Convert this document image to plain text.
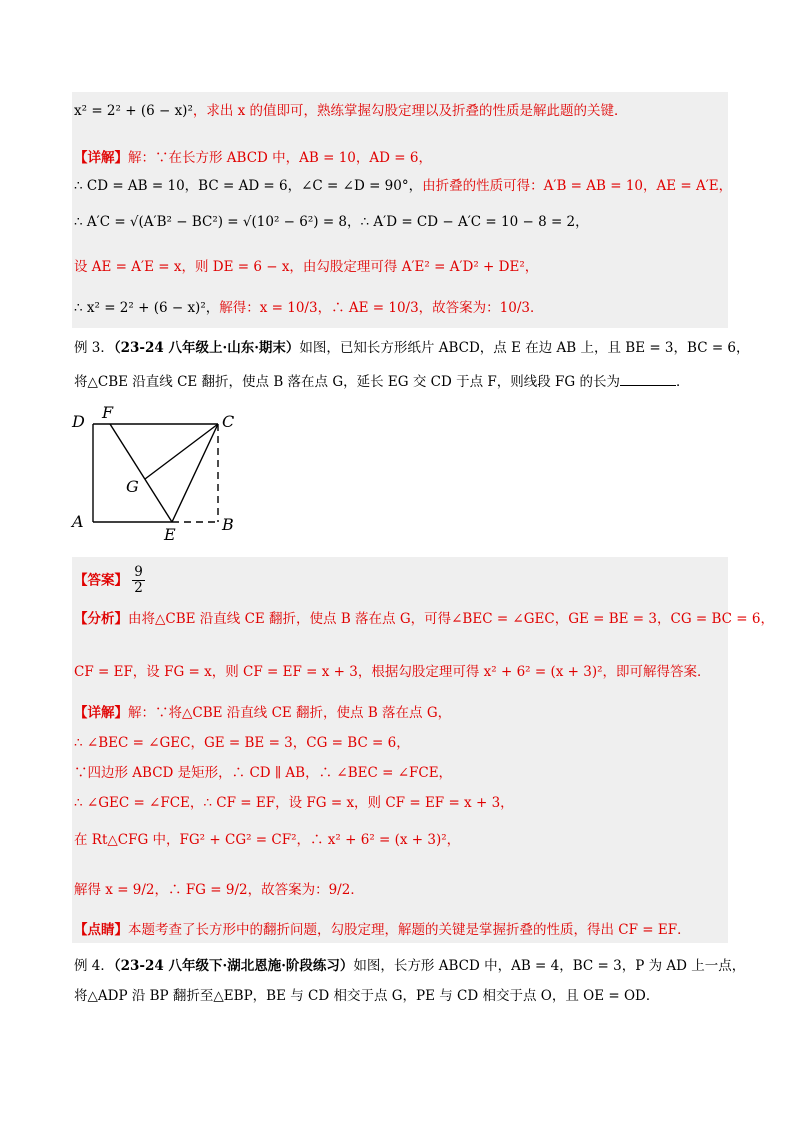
x² = 2² + (6 − x)²，求出 x 的值即可，熟练掌握勾股定理以及折叠的性质是解此题的关键．
【详解】解：∵在长方形 ABCD 中，AB = 10，AD = 6，
∴ CD = AB = 10，BC = AD = 6，∠C = ∠D = 90°，由折叠的性质可得：A′B = AB = 10，AE = A′E，
∴ A′C = √(A′B² − BC²) = √(10² − 6²) = 8，∴ A′D = CD − A′C = 10 − 8 = 2，
设 AE = A′E = x，则 DE = 6 − x，由勾股定理可得 A′E² = A′D² + DE²，
∴ x² = 2² + (6 − x)²，解得：x = 10/3，∴ AE = 10/3，故答案为：10/3．
例 3．（23-24 八年级上·山东·期末）如图，已知长方形纸片 ABCD，点 E 在边 AB 上，且 BE = 3，BC = 6，
将△CBE 沿直线 CE 翻折，使点 B 落在点 G，延长 EG 交 CD 于点 F，则线段 FG 的长为	．
D F	C
G
A
E
B
【答案】 $\frac{9}{2}$
【分析】由将△CBE 沿直线 CE 翻折，使点 B 落在点 G，可得∠BEC = ∠GEC，GE = BE = 3，CG = BC = 6，
CF = EF，设 FG = x，则 CF = EF = x + 3，根据勾股定理可得 x² + 6² = (x + 3)²，即可解得答案．
【详解】解：∵将△CBE 沿直线 CE 翻折，使点 B 落在点 G，
∴ ∠BEC = ∠GEC，GE = BE = 3，CG = BC = 6，
∵四边形 ABCD 是矩形，∴ CD ∥ AB，∴ ∠BEC = ∠FCE，
∴ ∠GEC = ∠FCE，∴ CF = EF，设 FG = x，则 CF = EF = x + 3，
在 Rt△CFG 中，FG² + CG² = CF²，∴ x² + 6² = (x + 3)²，
解得 x = 9/2，∴ FG = 9/2，故答案为：9/2．
【点睛】本题考查了长方形中的翻折问题，勾股定理，解题的关键是掌握折叠的性质，得出 CF = EF．
例 4．（23-24 八年级下·湖北恩施·阶段练习）如图，长方形 ABCD 中，AB = 4，BC = 3，P 为 AD 上一点，
将△ADP 沿 BP 翻折至△EBP，BE 与 CD 相交于点 G，PE 与 CD 相交于点 O，且 OE = OD．
